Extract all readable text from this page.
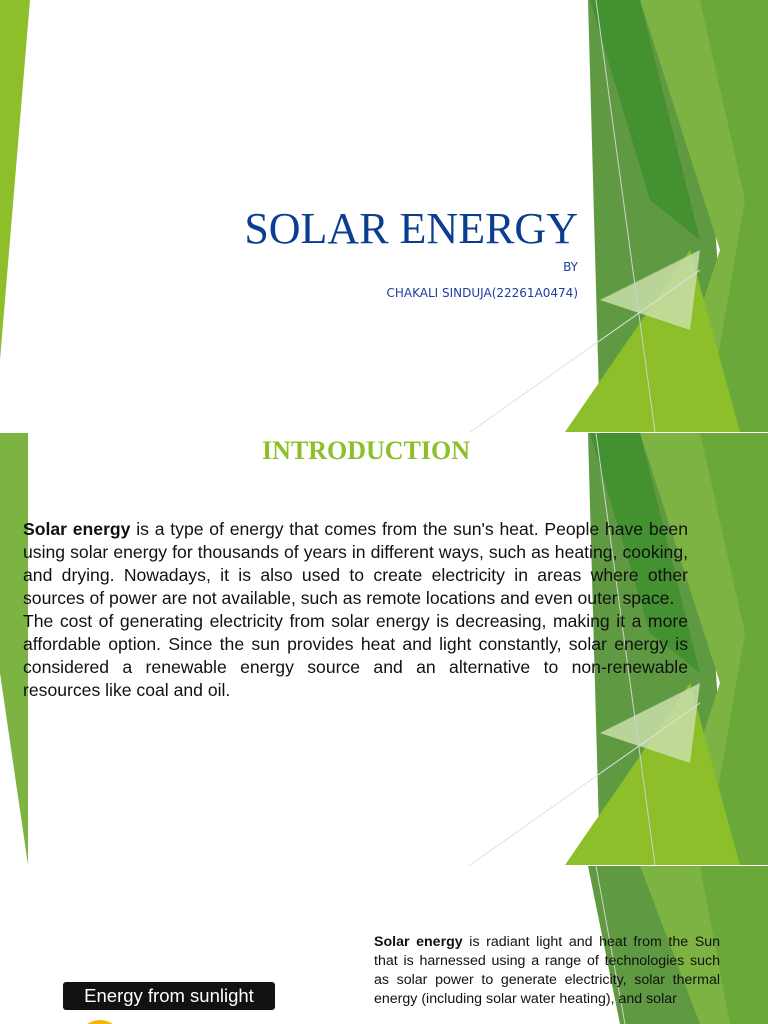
SOLAR ENERGY
BY
CHAKALI SINDUJA(22261A0474)
INTRODUCTION

Solar energy is a type of energy that comes from the sun's heat. People have been using solar energy for thousands of years in different ways, such as heating, cooking, and drying. Nowadays, it is also used to create electricity in areas where other sources of power are not available, such as remote locations and even outer space.

The cost of generating electricity from solar energy is decreasing, making it a more affordable option. Since the sun provides heat and light constantly, solar energy is considered a renewable energy source and an alternative to non-renewable resources like coal and oil.

Solar energy is radiant light and heat from the Sun that is harnessed using a range of technologies such as solar power to generate electricity, solar thermal energy (including solar water heating), and solar
Energy from sunlight
